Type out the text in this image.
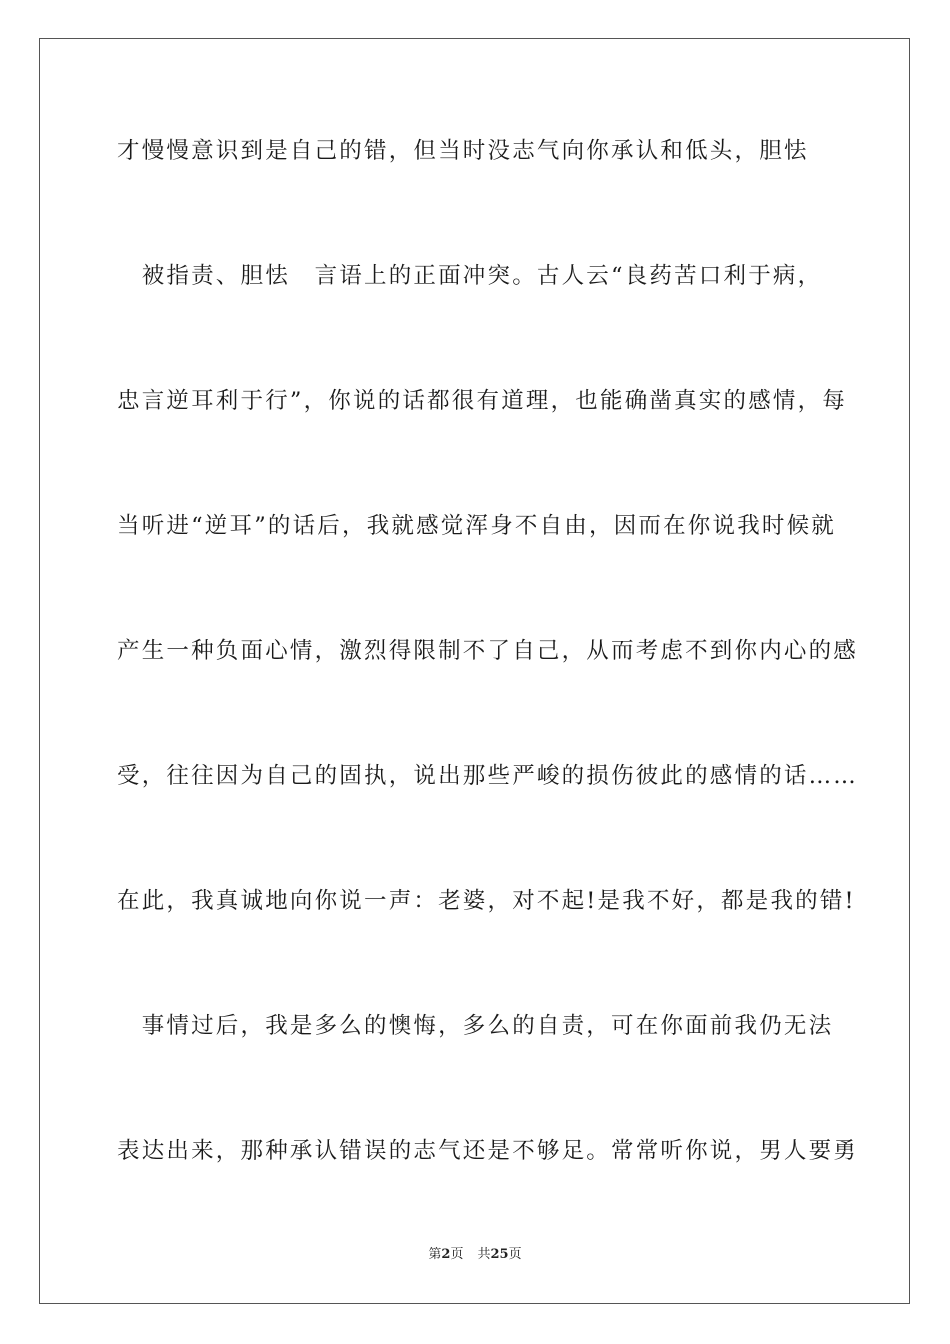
才慢慢意识到是自己的错，但当时没志气向你承认和低头，胆怯
　被指责、胆怯　言语上的正面冲突。古人云“良药苦口利于病，
忠言逆耳利于行”，你说的话都很有道理，也能确凿真实的感情，每
当听进“逆耳”的话后，我就感觉浑身不自由，因而在你说我时候就
产生一种负面心情，激烈得限制不了自己，从而考虑不到你内心的感
受，往往因为自己的固执，说出那些严峻的损伤彼此的感情的话……
在此，我真诚地向你说一声：老婆，对不起!是我不好，都是我的错!
　事情过后，我是多么的懊悔，多么的自责，可在你面前我仍无法
表达出来，那种承认错误的志气还是不够足。常常听你说，男人要勇
第2页 共25页
